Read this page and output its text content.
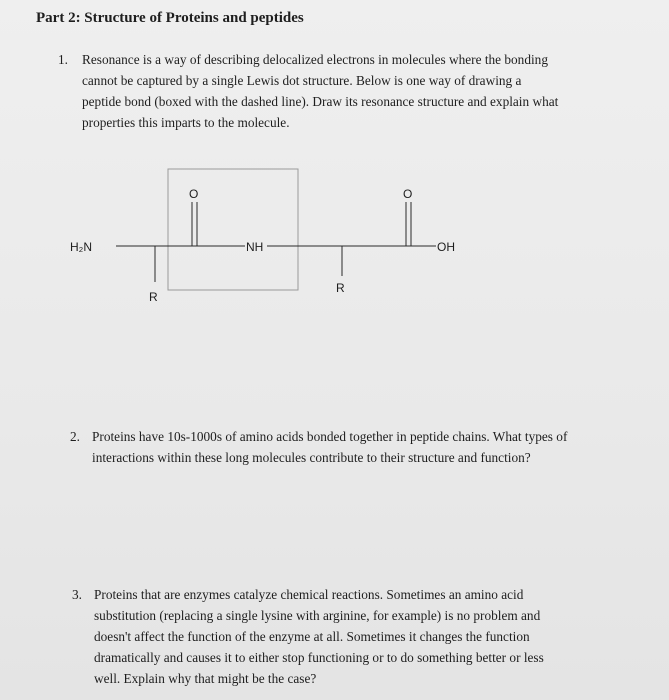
Part 2: Structure of Proteins and peptides
1. Resonance is a way of describing delocalized electrons in molecules where the bonding
cannot be captured by a single Lewis dot structure. Below is one way of drawing a
peptide bond (boxed with the dashed line). Draw its resonance structure and explain what
properties this imparts to the molecule.
H₂N	NH	OH
O	O
R
R
2. Proteins have 10s-1000s of amino acids bonded together in peptide chains. What types of
interactions within these long molecules contribute to their structure and function?
3. Proteins that are enzymes catalyze chemical reactions. Sometimes an amino acid
substitution (replacing a single lysine with arginine, for example) is no problem and
doesn't affect the function of the enzyme at all. Sometimes it changes the function
dramatically and causes it to either stop functioning or to do something better or less
well. Explain why that might be the case?
